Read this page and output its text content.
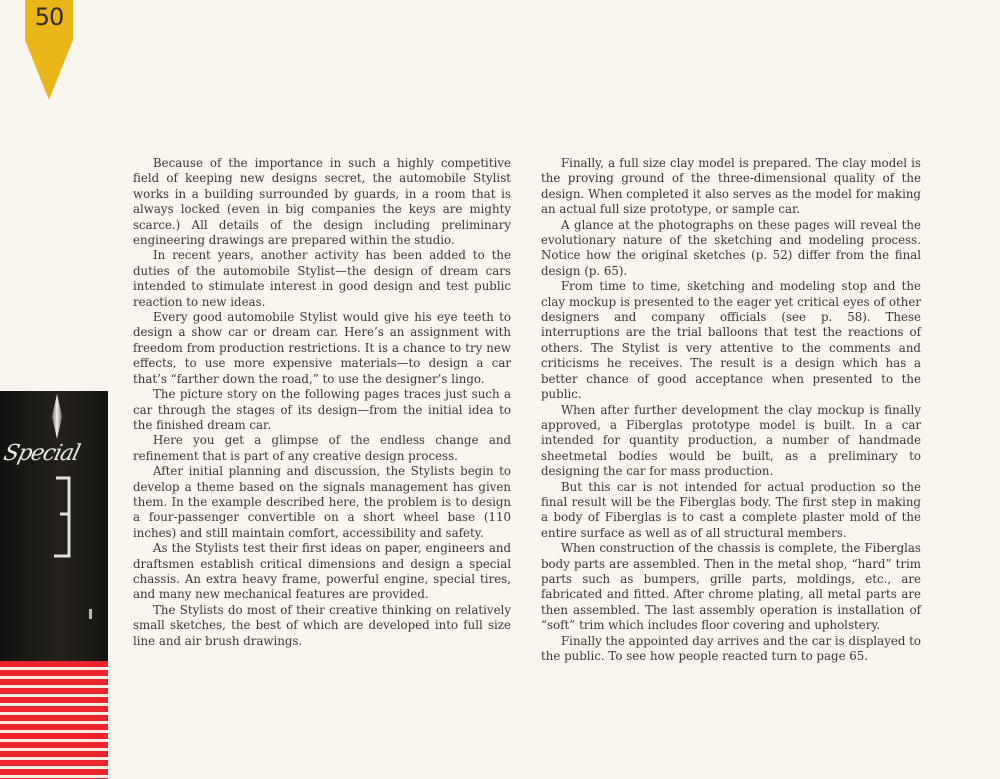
50
Special

Because of the importance in such a highly competitive field of keeping new designs secret, the automobile Stylist works in a building surrounded by guards, in a room that is always locked (even in big companies the keys are mighty scarce.) All details of the design including preliminary engineering drawings are prepared within the studio.

In recent years, another activity has been added to the duties of the automobile Stylist—the design of dream cars intended to stimulate interest in good design and test public reaction to new ideas.

Every good automobile Stylist would give his eye teeth to design a show car or dream car. Here’s an assignment with freedom from production restrictions. It is a chance to try new effects, to use more expensive materials—to design a car that’s “farther down the road,” to use the designer’s lingo.

The picture story on the following pages traces just such a car through the stages of its design—from the initial idea to the finished dream car.

Here you get a glimpse of the endless change and refinement that is part of any creative design process.

After initial planning and discussion, the Stylists begin to develop a theme based on the signals management has given them. In the example described here, the problem is to design a four-passenger convertible on a short wheel base (110 inches) and still maintain comfort, accessibility and safety.

As the Stylists test their first ideas on paper, engineers and draftsmen establish critical dimensions and design a special chassis. An extra heavy frame, powerful engine, special tires, and many new mechanical features are provided.

The Stylists do most of their creative thinking on relatively small sketches, the best of which are developed into full size line and air brush drawings.

Finally, a full size clay model is prepared. The clay model is the proving ground of the three-dimensional quality of the design. When completed it also serves as the model for making an actual full size prototype, or sample car.

A glance at the photographs on these pages will reveal the evolutionary nature of the sketching and modeling process. Notice how the original sketches (p. 52) differ from the final design (p. 65).

From time to time, sketching and modeling stop and the clay mockup is presented to the eager yet critical eyes of other designers and company officials (see p. 58). These interruptions are the trial balloons that test the reactions of others. The Stylist is very attentive to the comments and criticisms he receives. The result is a design which has a better chance of good acceptance when presented to the public.

When after further development the clay mockup is finally approved, a Fiberglas prototype model is built. In a car intended for quantity production, a number of handmade sheetmetal bodies would be built, as a preliminary to designing the car for mass production.

But this car is not intended for actual production so the final result will be the Fiberglas body. The first step in making a body of Fiberglas is to cast a complete plaster mold of the entire surface as well as of all structural members.

When construction of the chassis is complete, the Fiberglas body parts are assembled. Then in the metal shop, “hard” trim parts such as bumpers, grille parts, moldings, etc., are fabricated and fitted. After chrome plating, all metal parts are then assembled. The last assembly operation is installation of “soft” trim which includes floor covering and upholstery.

Finally the appointed day arrives and the car is displayed to the public. To see how people reacted turn to page 65.
